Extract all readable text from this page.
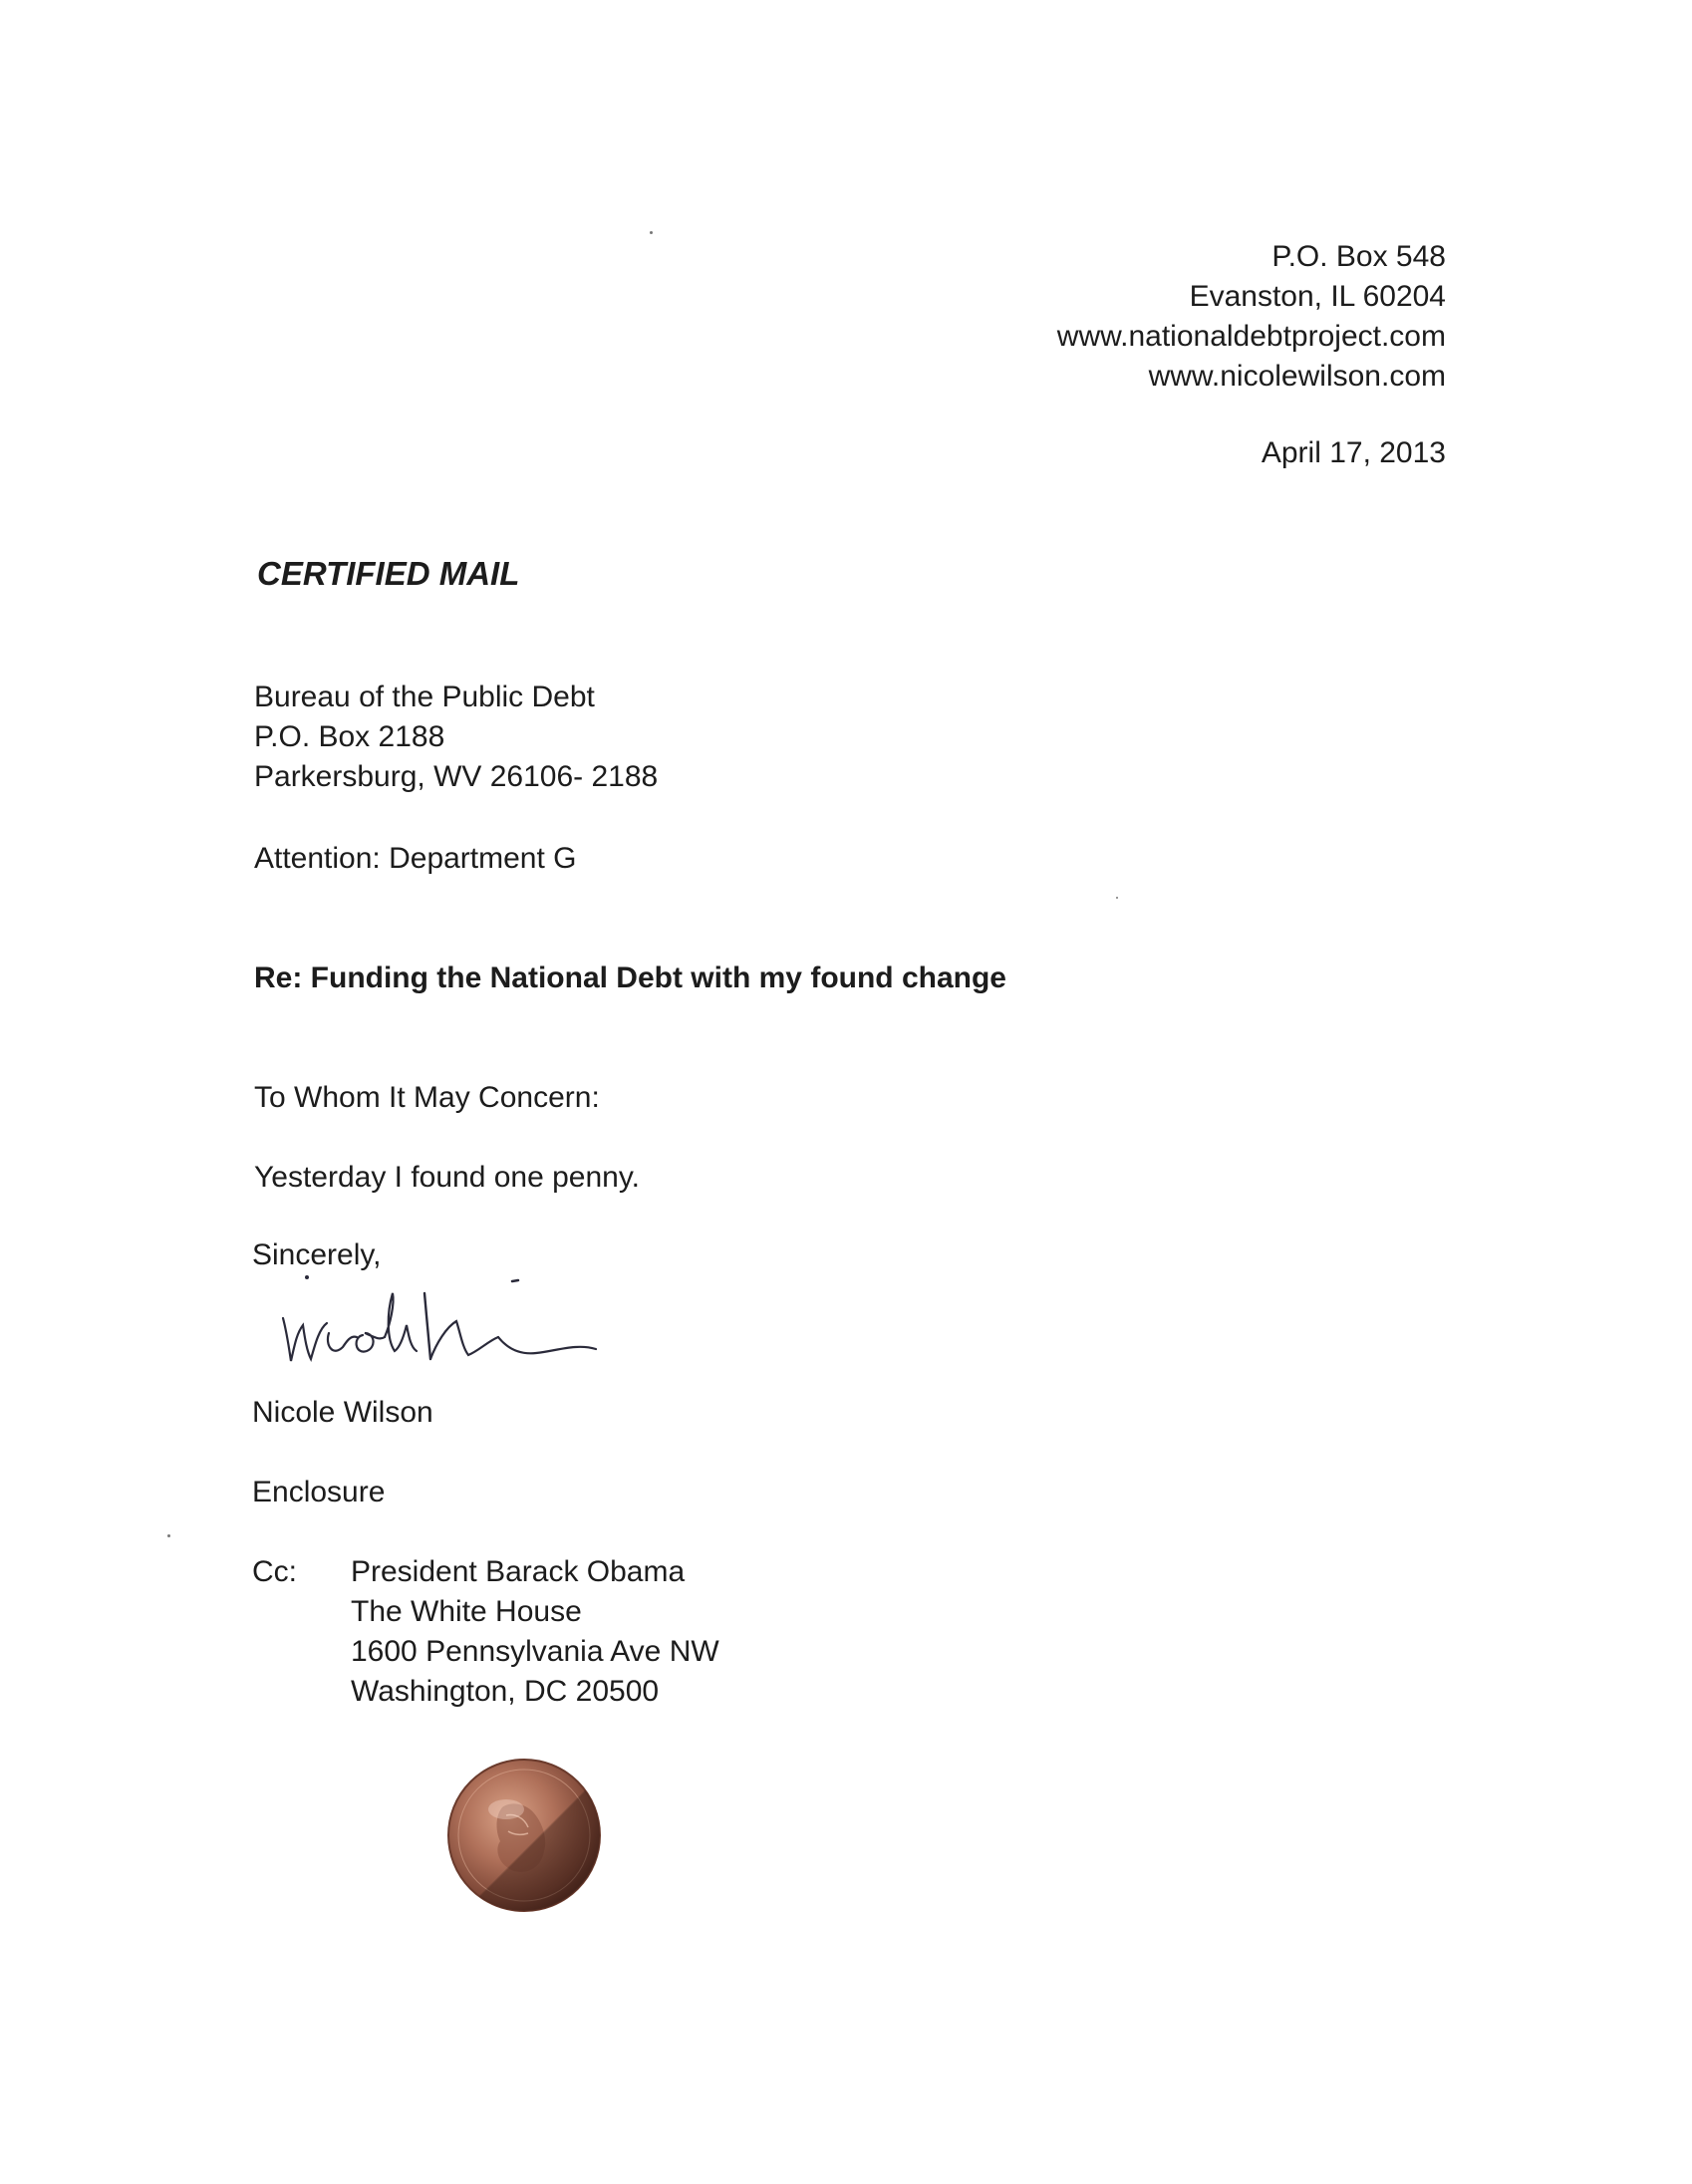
P.O. Box 548
Evanston, IL 60204
www.nationaldebtproject.com
www.nicolewilson.com
April 17, 2013
CERTIFIED MAIL
Bureau of the Public Debt
P.O. Box 2188
Parkersburg, WV 26106- 2188

Attention: Department G

Re: Funding the National Debt with my found change

To Whom It May Concern:

Yesterday I found one penny.

Sincerely,

Nicole Wilson

Enclosure

Cc: President Barack Obama
The White House
1600 Pennsylvania Ave NW
Washington, DC 20500
